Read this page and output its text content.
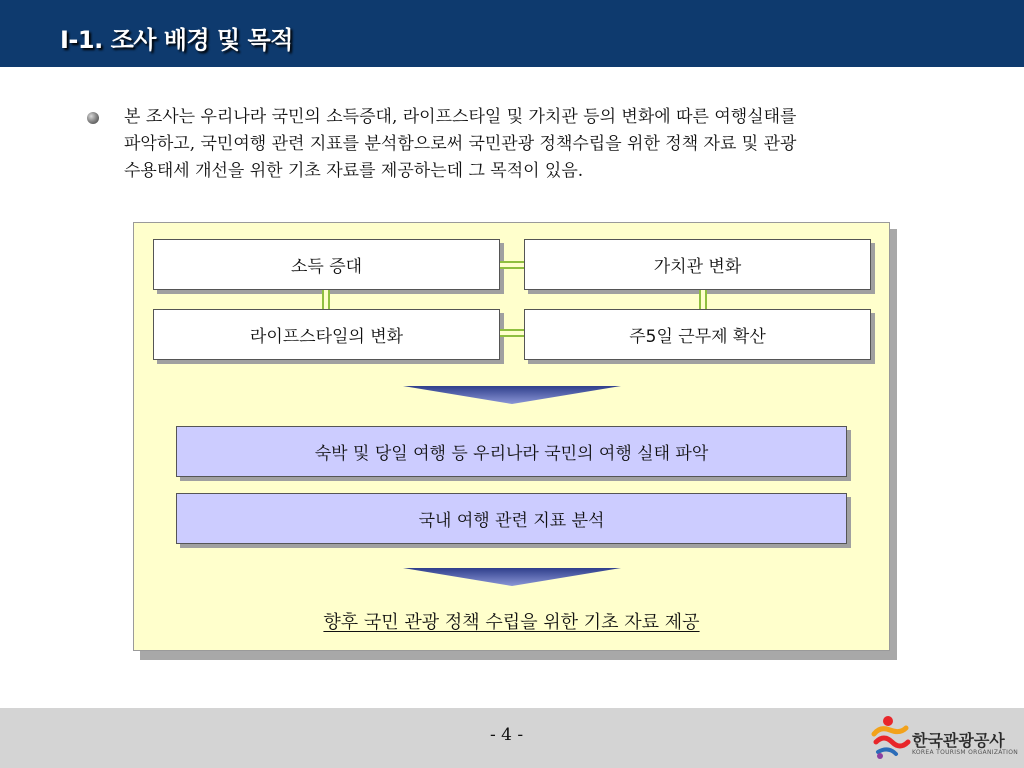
I-1. 조사 배경 및 목적
본 조사는 우리나라 국민의 소득증대, 라이프스타일 및 가치관 등의 변화에 따른 여행실태를
파악하고, 국민여행 관련 지표를 분석함으로써 국민관광 정책수립을 위한 정책 자료 및 관광
수용태세 개선을 위한 기초 자료를 제공하는데 그 목적이 있음.
소득 증대	가치관 변화
라이프스타일의 변화	주5일 근무제 확산
숙박 및 당일 여행 등 우리나라 국민의 여행 실태 파악
국내 여행 관련 지표 분석
향후 국민 관광 정책 수립을 위한 기초 자료 제공
- 4 -	한국관광공사
KOREA TOURISM ORGANIZATION
